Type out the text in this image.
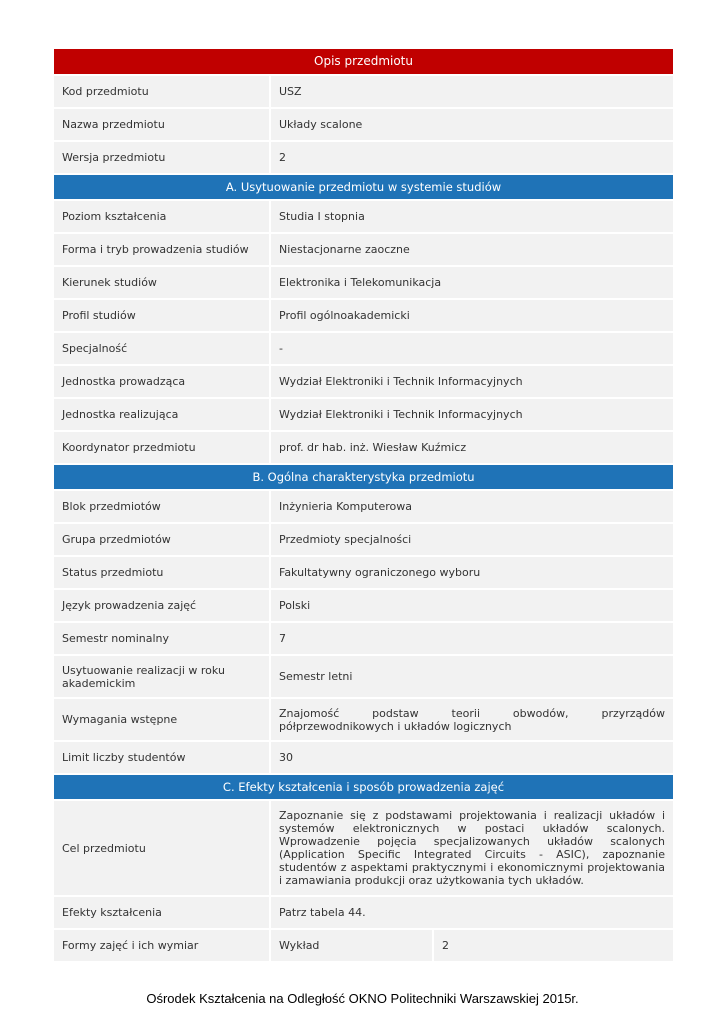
Opis przedmiotu		
Kod przedmiotu	USZ	
Nazwa przedmiotu	Układy scalone	
Wersja przedmiotu	2	
A. Usytuowanie przedmiotu w systemie studiów		
Poziom kształcenia	Studia I stopnia	
Forma i tryb prowadzenia studiów	Niestacjonarne zaoczne	
Kierunek studiów	Elektronika i Telekomunikacja	
Profil studiów	Profil ogólnoakademicki	
Specjalność	-	
Jednostka prowadząca	Wydział Elektroniki i Technik Informacyjnych	
Jednostka realizująca	Wydział Elektroniki i Technik Informacyjnych	
Koordynator przedmiotu	prof. dr hab. inż. Wiesław Kuźmicz	
B. Ogólna charakterystyka przedmiotu		
Blok przedmiotów	Inżynieria Komputerowa	
Grupa przedmiotów	Przedmioty specjalności	
Status przedmiotu	Fakultatywny ograniczonego wyboru	
Język prowadzenia zajęć	Polski	
Semestr nominalny	7	
Usytuowanie realizacji w roku akademickim	Semestr letni	
Wymagania wstępne	Znajomość podstaw teorii obwodów, przyrządów półprzewodnikowych i układów logicznych	
Limit liczby studentów	30	
C. Efekty kształcenia i sposób prowadzenia zajęć		
Cel przedmiotu	Zapoznanie się z podstawami projektowania i realizacji układów i systemów elektronicznych w postaci układów scalonych. Wprowadzenie pojęcia specjalizowanych układów scalonych (Application Specific Integrated Circuits - ASIC), zapoznanie studentów z aspektami praktycznymi i ekonomicznymi projektowania i zamawiania produkcji oraz użytkowania tych układów.	
Efekty kształcenia	Patrz tabela 44.	
Formy zajęć i ich wymiar	Wykład	2
Ośrodek Kształcenia na Odległość OKNO Politechniki Warszawskiej 2015r.
